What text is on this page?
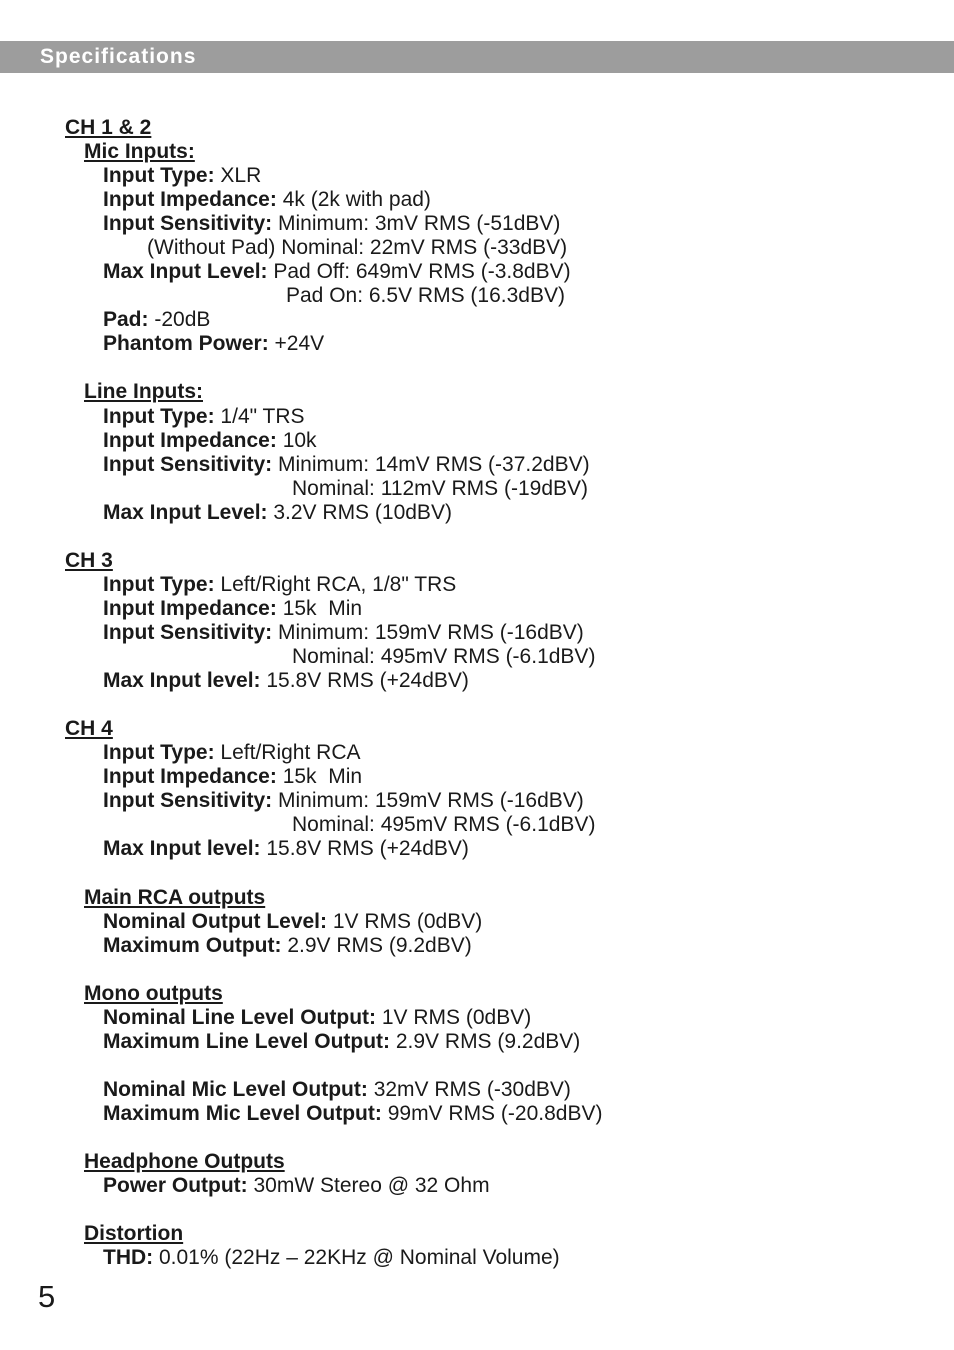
Specifications
CH 1 & 2
Mic Inputs:
Input Type: XLR
Input Impedance: 4k (2k with pad)
Input Sensitivity: Minimum: 3mV RMS (-51dBV)
(Without Pad) Nominal: 22mV RMS (-33dBV)
Max Input Level: Pad Off: 649mV RMS (-3.8dBV)
Pad On: 6.5V RMS (16.3dBV)
Pad: -20dB
Phantom Power: +24V
Line Inputs:
Input Type: 1/4" TRS
Input Impedance: 10k
Input Sensitivity: Minimum: 14mV RMS (-37.2dBV)
Nominal: 112mV RMS (-19dBV)
Max Input Level: 3.2V RMS (10dBV)
CH 3
Input Type: Left/Right RCA, 1/8" TRS
Input Impedance: 15k  Min
Input Sensitivity: Minimum: 159mV RMS (-16dBV)
Nominal: 495mV RMS (-6.1dBV)
Max Input level: 15.8V RMS (+24dBV)
CH 4
Input Type: Left/Right RCA
Input Impedance: 15k  Min
Input Sensitivity: Minimum: 159mV RMS (-16dBV)
Nominal: 495mV RMS (-6.1dBV)
Max Input level: 15.8V RMS (+24dBV)
Main RCA outputs
Nominal Output Level: 1V RMS (0dBV)
Maximum Output: 2.9V RMS (9.2dBV)
Mono outputs
Nominal Line Level Output: 1V RMS (0dBV)
Maximum Line Level Output: 2.9V RMS (9.2dBV)
Nominal Mic Level Output: 32mV RMS (-30dBV)
Maximum Mic Level Output: 99mV RMS (-20.8dBV)
Headphone Outputs
Power Output: 30mW Stereo @ 32 Ohm
Distortion
THD: 0.01% (22Hz – 22KHz @ Nominal Volume)
5
